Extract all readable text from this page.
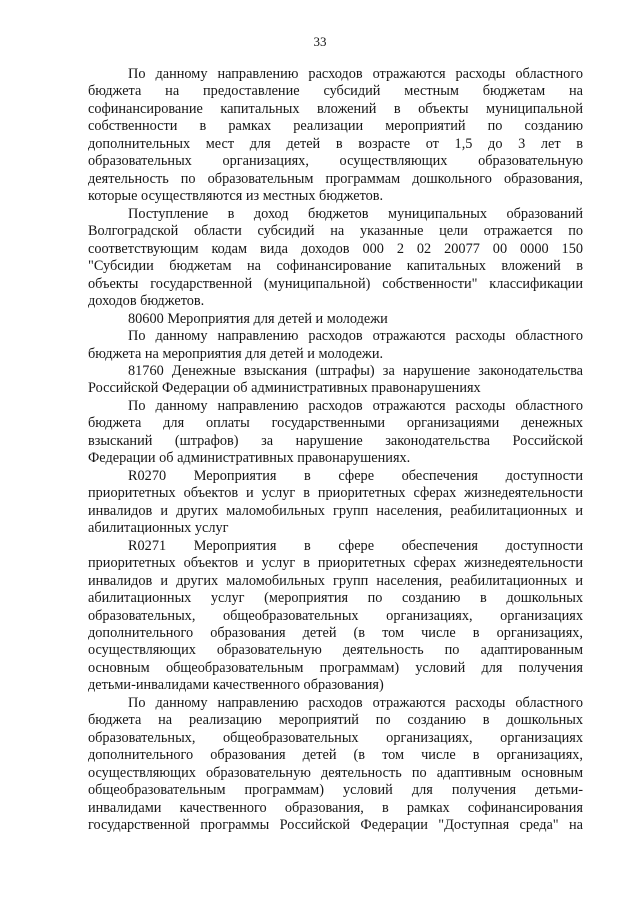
33
По данному направлению расходов отражаются расходы областного
бюджета на предоставление субсидий местным бюджетам на
софинансирование капитальных вложений в объекты муниципальной
собственности в рамках реализации мероприятий по созданию
дополнительных мест для детей в возрасте от 1,5 до 3 лет в
образовательных организациях, осуществляющих образовательную
деятельность по образовательным программам дошкольного образования,
которые осуществляются из местных бюджетов.
Поступление в доход бюджетов муниципальных образований
Волгоградской области субсидий на указанные цели отражается по
соответствующим кодам вида доходов 000 2 02 20077 00 0000 150
"Субсидии бюджетам на софинансирование капитальных вложений в
объекты государственной (муниципальной) собственности" классификации
доходов бюджетов.
80600 Мероприятия для детей и молодежи
По данному направлению расходов отражаются расходы областного
бюджета на мероприятия для детей и молодежи.
81760 Денежные взыскания (штрафы) за нарушение законодательства
Российской Федерации об административных правонарушениях
По данному направлению расходов отражаются расходы областного
бюджета для оплаты государственными организациями денежных
взысканий (штрафов) за нарушение законодательства Российской
Федерации об административных правонарушениях.
R0270 Мероприятия в сфере обеспечения доступности
приоритетных объектов и услуг в приоритетных сферах жизнедеятельности
инвалидов и других маломобильных групп населения, реабилитационных и
абилитационных услуг
R0271 Мероприятия в сфере обеспечения доступности
приоритетных объектов и услуг в приоритетных сферах жизнедеятельности
инвалидов и других маломобильных групп населения, реабилитационных и
абилитационных услуг (мероприятия по созданию в дошкольных
образовательных, общеобразовательных организациях, организациях
дополнительного образования детей (в том числе в организациях,
осуществляющих образовательную деятельность по адаптированным
основным общеобразовательным программам) условий для получения
детьми-инвалидами качественного образования)
По данному направлению расходов отражаются расходы областного
бюджета на реализацию мероприятий по созданию в дошкольных
образовательных, общеобразовательных организациях, организациях
дополнительного образования детей (в том числе в организациях,
осуществляющих образовательную деятельность по адаптивным основным
общеобразовательным программам) условий для получения детьми-
инвалидами качественного образования, в рамках софинансирования
государственной программы Российской Федерации "Доступная среда" на
